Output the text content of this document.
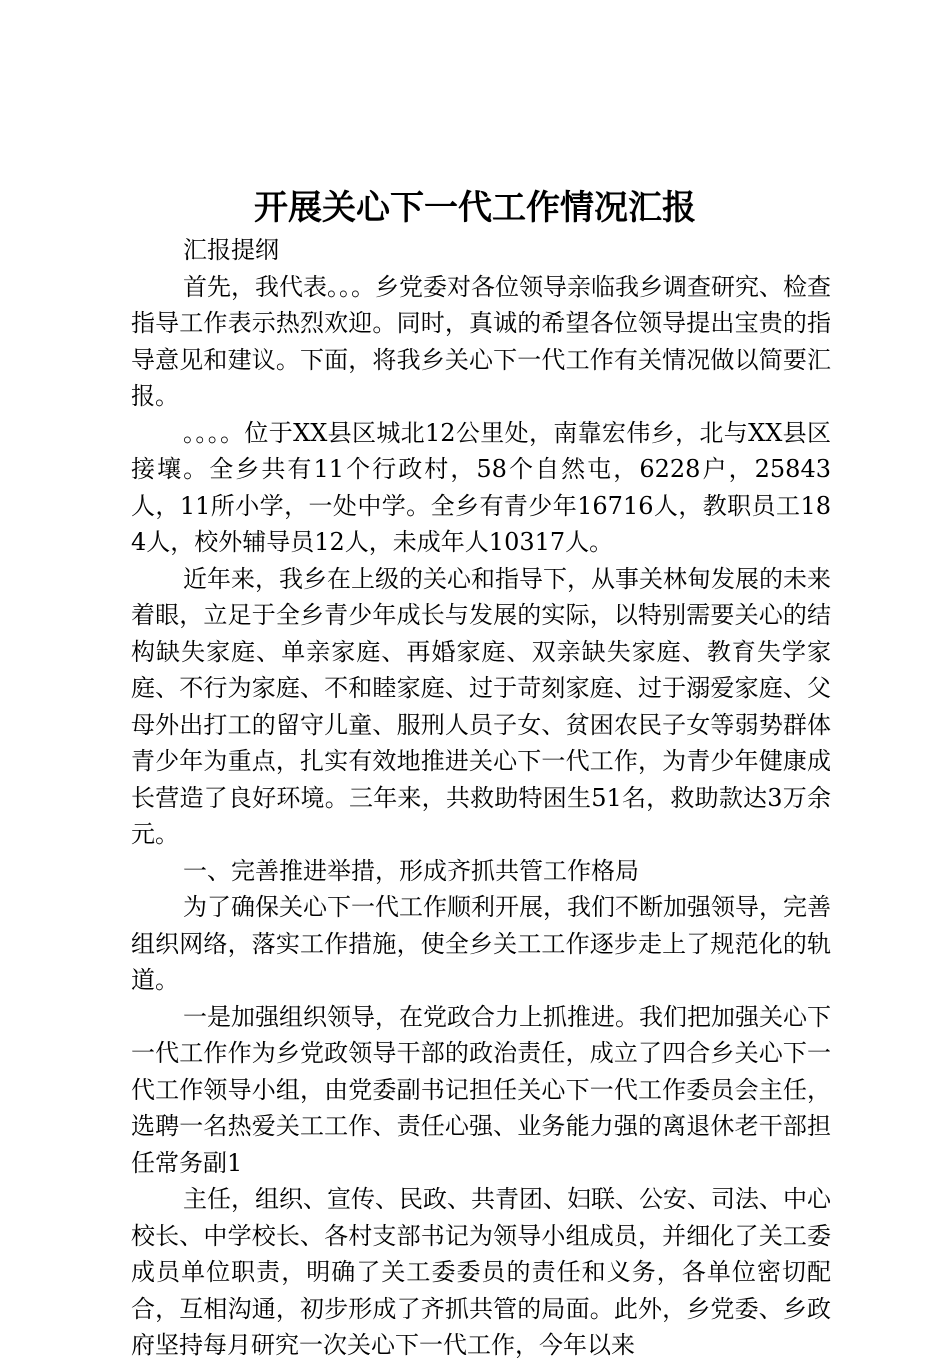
开展关心下一代工作情况汇报

汇报提纲

首先，我代表。。。乡党委对各位领导亲临我乡调查研究、检查指导工作表示热烈欢迎。同时，真诚的希望各位领导提出宝贵的指导意见和建议。下面，将我乡关心下一代工作有关情况做以简要汇报。

。。。。位于XX县区城北12公里处，南靠宏伟乡，北与XX县区接壤。全乡共有11个行政村，58个自然屯，6228户，25843人，11所小学，一处中学。全乡有青少年16716人，教职员工184人，校外辅导员12人，未成年人10317人。

近年来，我乡在上级的关心和指导下，从事关林甸发展的未来着眼，立足于全乡青少年成长与发展的实际，以特别需要关心的结构缺失家庭、单亲家庭、再婚家庭、双亲缺失家庭、教育失学家庭、不行为家庭、不和睦家庭、过于苛刻家庭、过于溺爱家庭、父母外出打工的留守儿童、服刑人员子女、贫困农民子女等弱势群体青少年为重点，扎实有效地推进关心下一代工作，为青少年健康成长营造了良好环境。三年来，共救助特困生51名，救助款达3万余元。

一、完善推进举措，形成齐抓共管工作格局

为了确保关心下一代工作顺利开展，我们不断加强领导，完善组织网络，落实工作措施，使全乡关工工作逐步走上了规范化的轨道。

一是加强组织领导，在党政合力上抓推进。我们把加强关心下一代工作作为乡党政领导干部的政治责任，成立了四合乡关心下一代工作领导小组，由党委副书记担任关心下一代工作委员会主任，选聘一名热爱关工工作、责任心强、业务能力强的离退休老干部担任常务副1

主任，组织、宣传、民政、共青团、妇联、公安、司法、中心校长、中学校长、各村支部书记为领导小组成员，并细化了关工委成员单位职责，明确了关工委委员的责任和义务，各单位密切配合，互相沟通，初步形成了齐抓共管的局面。此外，乡党委、乡政府坚持每月研究一次关心下一代工作，今年以来
